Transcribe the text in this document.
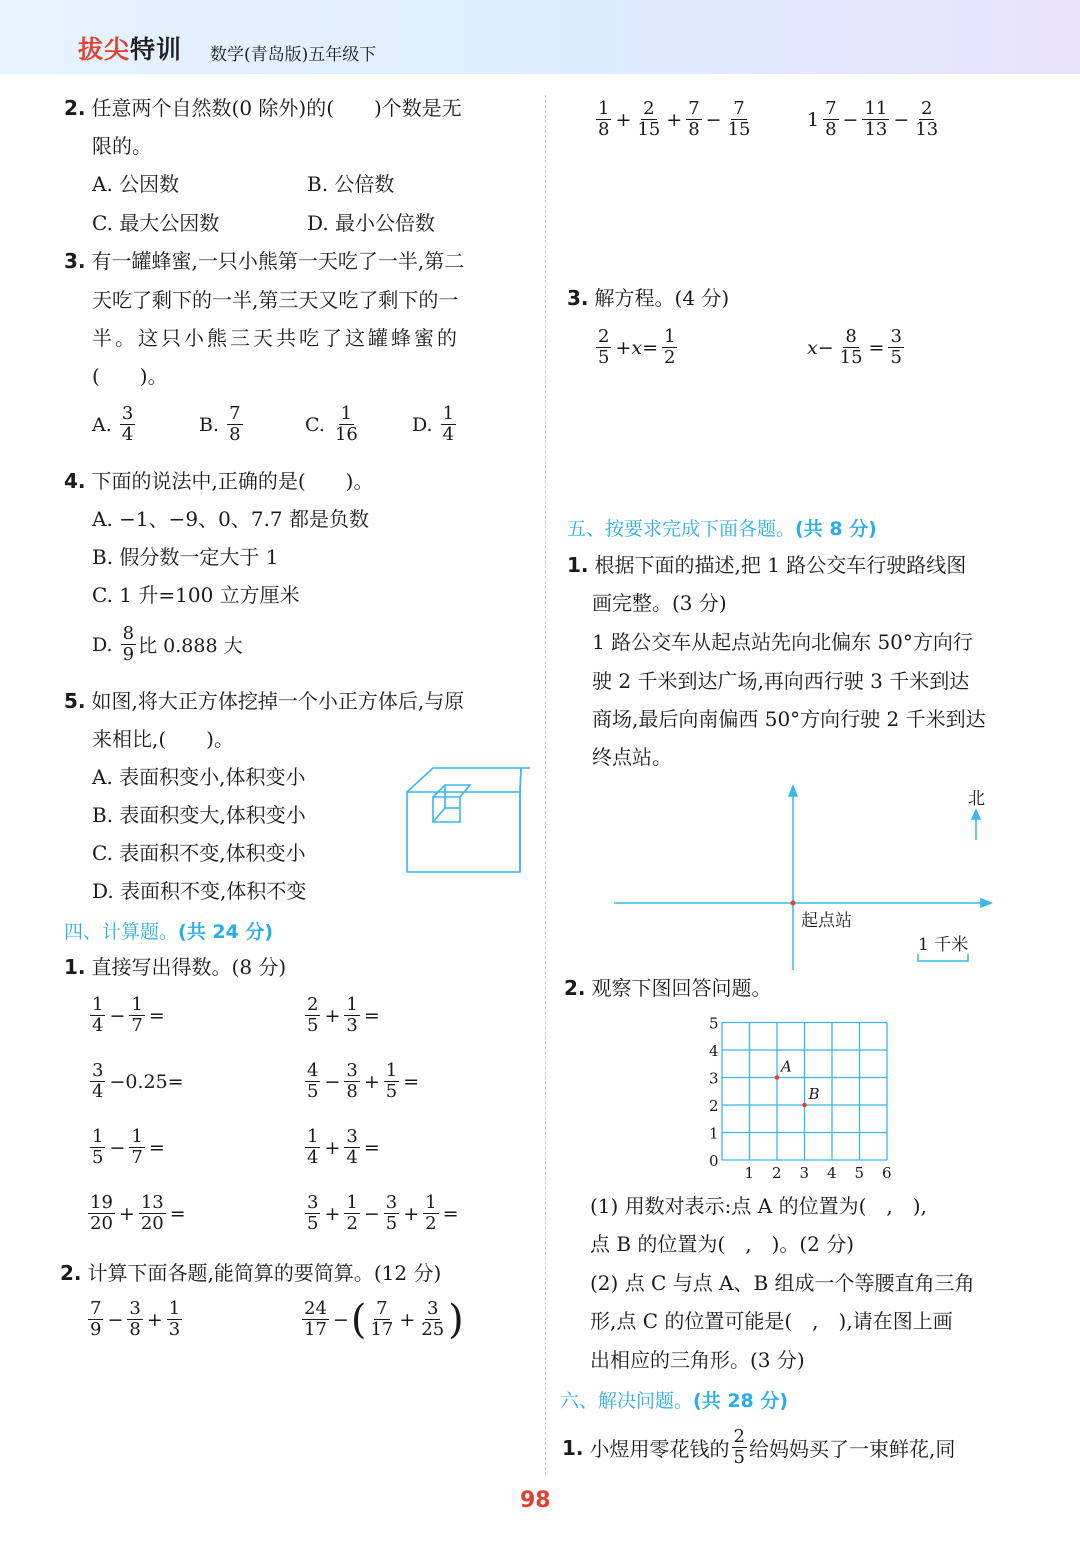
拔尖特训 数学(青岛版)五年级下
2. 任意两个自然数(0 除外)的(　　)个数是无
限的。
A. 公因数	B. 公倍数
C. 最大公因数	D. 最小公倍数
3. 有一罐蜂蜜,一只小熊第一天吃了一半,第二
天吃了剩下的一半,第三天又吃了剩下的一
半。这只小熊三天共吃了这罐蜂蜜的
(　　)。
A.
$\frac{3}{4}$	B.
$\frac{7}{8}$	C.
$\frac{1}{16}$	D.
$\frac{1}{4}$
4. 下面的说法中,正确的是(　　)。
A. −1、−9、0、7.7 都是负数
B. 假分数一定大于 1
C. 1 升=100 立方厘米
D.
$\frac{8}{9}$ 比 0.888 大
5. 如图,将大正方体挖掉一个小正方体后,与原
来相比,(　　)。
A. 表面积变小,体积变小
B. 表面积变大,体积变小
C. 表面积不变,体积变小
D. 表面积不变,体积不变
四、计算题。(共 24 分)
1. 直接写出得数。(8 分)
$\frac{1}{4} - \frac{1}{7}$ =	$\frac{2}{5} + \frac{1}{3}$ =
$\frac{3}{4} -0.25=$	$\frac{4}{5} - \frac{3}{8} + \frac{1}{5}$ =
$\frac{1}{5} - \frac{1}{7}$ =	$\frac{1}{4} + \frac{3}{4}$ =
$\frac{19}{20} + \frac{13}{20}$ =	$\frac{3}{5} + \frac{1}{2} - \frac{3}{5} + \frac{1}{2}$ =
2. 计算下面各题,能简算的要简算。(12 分)
$\frac{7}{9} - \frac{3}{8} + \frac{1}{3}$	$\frac{24}{17}$ − ( $\frac{7}{17} + \frac{3}{25}$ )
$\frac{1}{8} + \frac{2}{15} + \frac{7}{8} - \frac{7}{15}$	$1 \frac{7}{8} - \frac{11}{13} - \frac{2}{13}$
3. 解方程。(4 分)
$\frac{2}{5} +x= \frac{1}{2}$	$x- \frac{8}{15} = \frac{3}{5}$
五、按要求完成下面各题。(共 8 分)
1. 根据下面的描述,把 1 路公交车行驶路线图
画完整。(3 分)
1 路公交车从起点站先向北偏东 50°方向行
驶 2 千米到达广场,再向西行驶 3 千米到达
商场,最后向南偏西 50°方向行驶 2 千米到达
终点站。
北
起点站
1 千米
2. 观察下图回答问题。
1 2 3 4 5 6
0
1
2
3
4
5
A
B
(1) 用数对表示:点 A 的位置为(　,　),
点 B 的位置为(　,　)。(2 分)
(2) 点 C 与点 A、B 组成一个等腰直角三角
形,点 C 的位置可能是(　,　),请在图上画
出相应的三角形。(3 分)
六、解决问题。(共 28 分)
1. 小煜用零花钱的 $\frac{2}{5}$ 给妈妈买了一束鲜花,同
98
